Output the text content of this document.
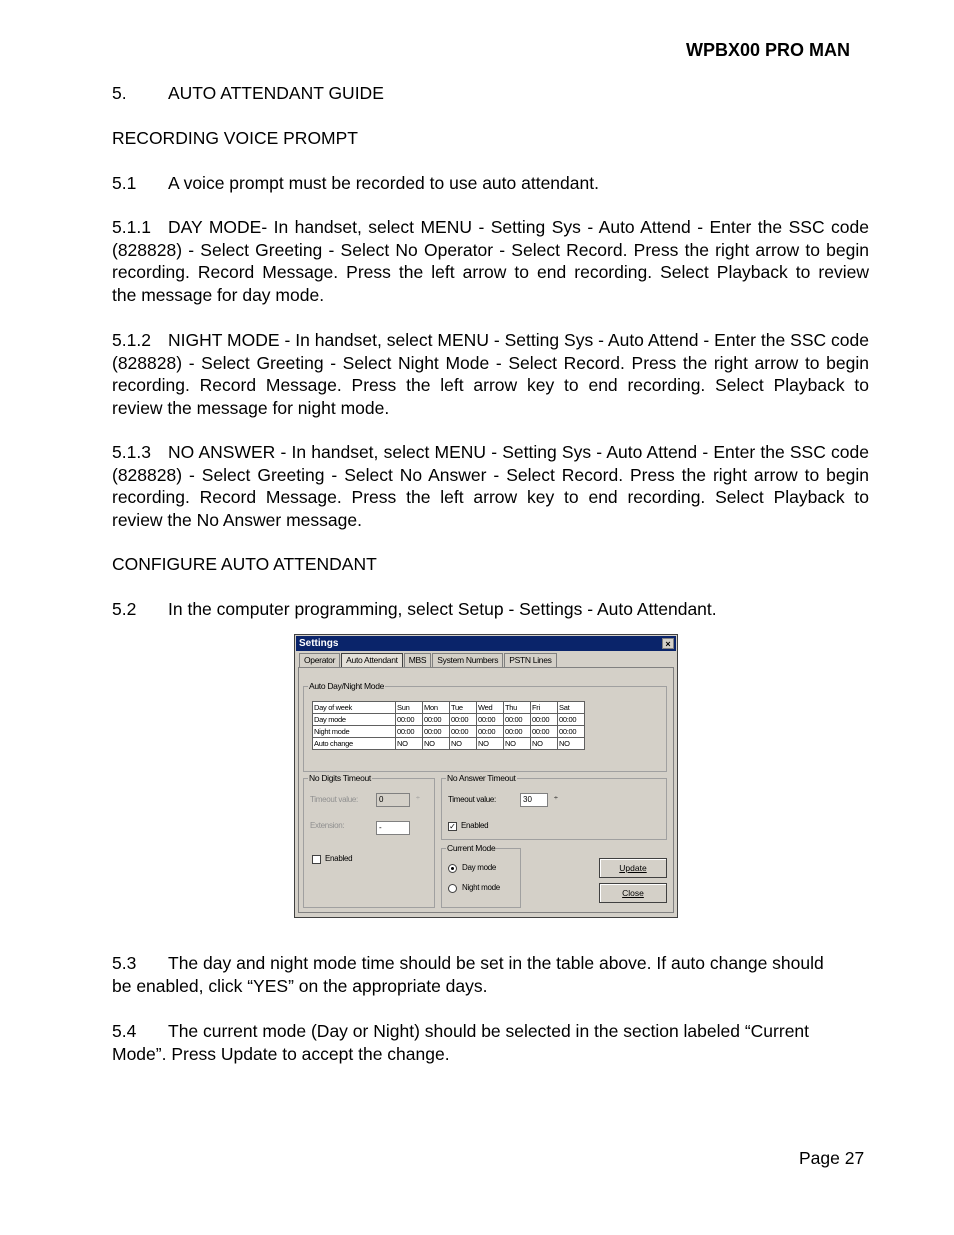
WPBX00 PRO MAN
5. AUTO ATTENDANT GUIDE
RECORDING VOICE PROMPT
5.1 A voice prompt must be recorded to use auto attendant.
5.1.1 DAY MODE- In handset, select MENU - Setting Sys - Auto Attend - Enter the SSC code
(828828) - Select Greeting - Select No Operator - Select Record. Press the right arrow to begin
recording. Record Message. Press the left arrow to end recording. Select Playback to review
the message for day mode.
5.1.2 NIGHT MODE - In handset, select MENU - Setting Sys - Auto Attend - Enter the SSC code
(828828) - Select Greeting - Select Night Mode - Select Record. Press the right arrow to begin
recording. Record Message. Press the left arrow key to end recording. Select Playback to
review the message for night mode.
5.1.3 NO ANSWER - In handset, select MENU - Setting Sys - Auto Attend - Enter the SSC code
(828828) - Select Greeting - Select No Answer - Select Record. Press the right arrow to begin
recording. Record Message. Press the left arrow key to end recording. Select Playback to
review the No Answer message.
CONFIGURE AUTO ATTENDANT
5.2 In the computer programming, select Setup - Settings - Auto Attendant.
Settings	×
Operator	Auto Attendant	MBS	System Numbers	PSTN Lines
Auto Day/Night Mode
Day of week	Sun	Mon	Tue	Wed	Thu	Fri	Sat
Day mode	00:00	00:00	00:00	00:00	00:00	00:00	00:00
Night mode	00:00	00:00	00:00	00:00	00:00	00:00	00:00
Auto change	NO	NO	NO	NO	NO	NO	NO
No Digits Timeout
Timeout value:	0	÷
Extension:	-
Enabled
No Answer Timeout
Timeout value:	30	÷
✓ Enabled
Current Mode
Day mode
Night mode
Update
Close
5.3 The day and night mode time should be set in the table above. If auto change should
be enabled, click “YES” on the appropriate days.
5.4 The current mode (Day or Night) should be selected in the section labeled “Current
Mode”. Press Update to accept the change.
Page 27
